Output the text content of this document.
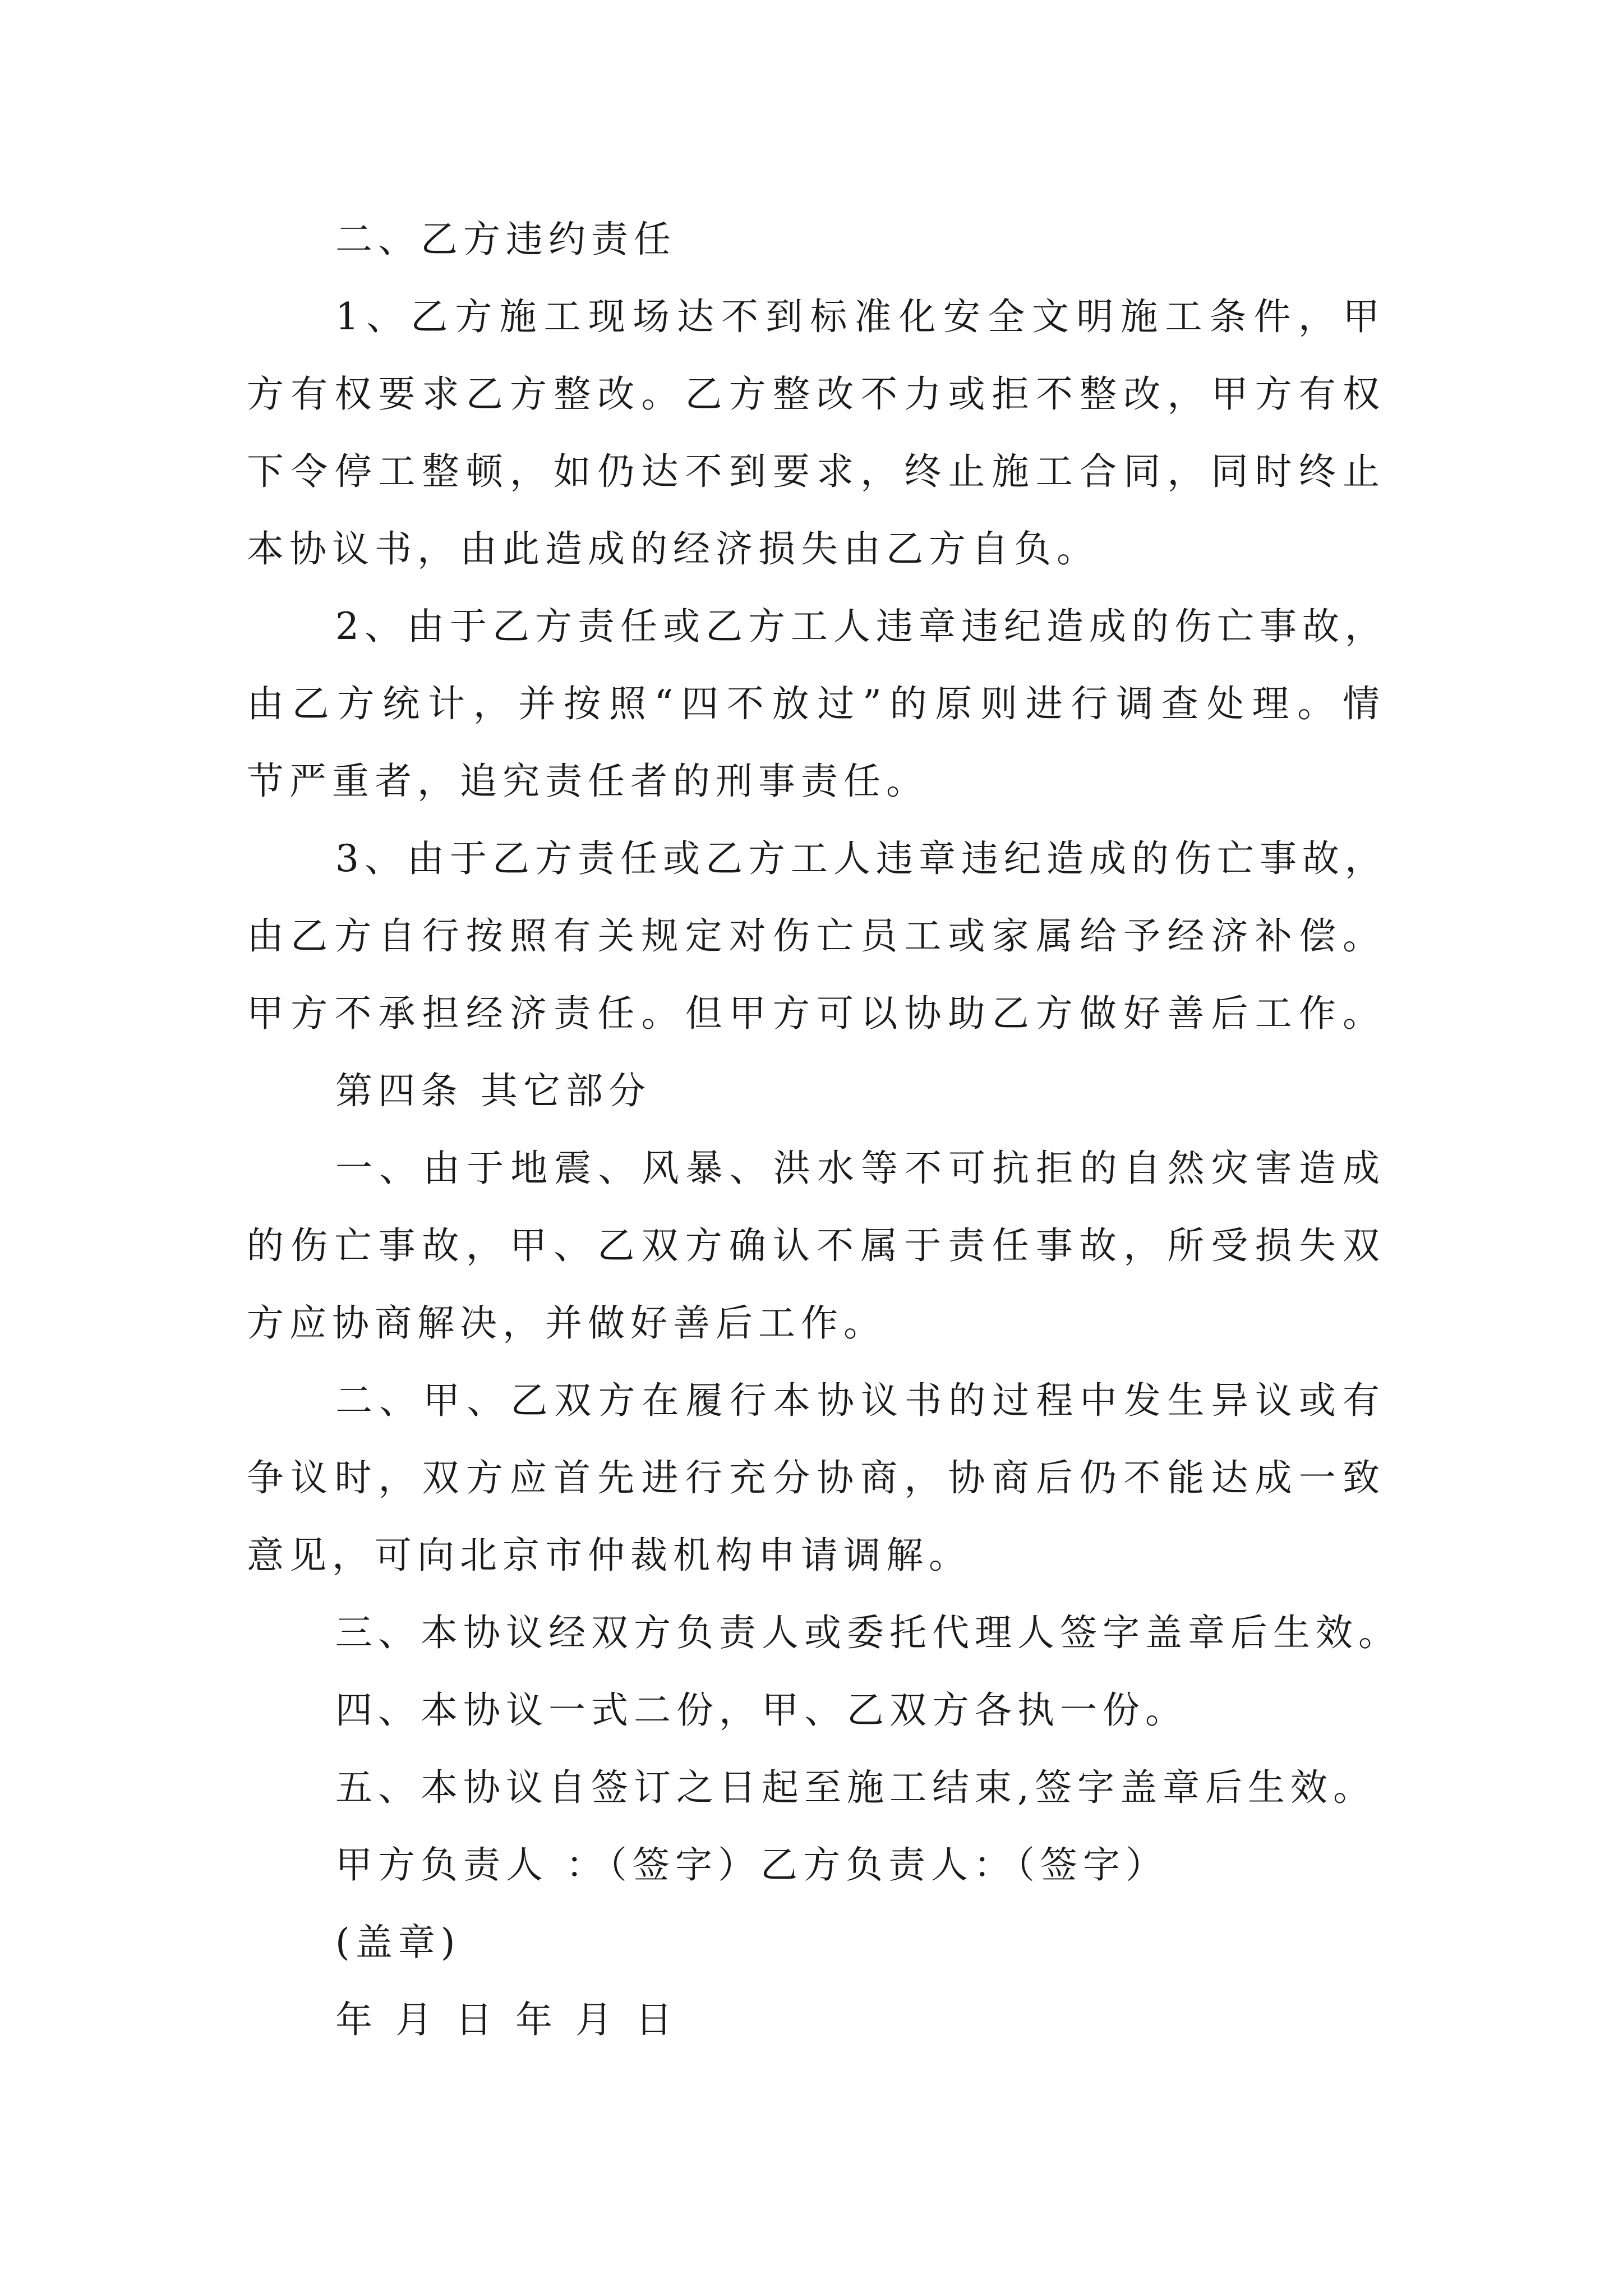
二、乙方违约责任
1、乙方施工现场达不到标准化安全文明施工条件，甲
方有权要求乙方整改。乙方整改不力或拒不整改，甲方有权
下令停工整顿，如仍达不到要求，终止施工合同，同时终止
本协议书，由此造成的经济损失由乙方自负。
2、由于乙方责任或乙方工人违章违纪造成的伤亡事故，
由乙方统计，并按照“四不放过”的原则进行调查处理。情
节严重者，追究责任者的刑事责任。
3、由于乙方责任或乙方工人违章违纪造成的伤亡事故，
由乙方自行按照有关规定对伤亡员工或家属给予经济补偿。
甲方不承担经济责任。但甲方可以协助乙方做好善后工作。
第四条 其它部分
一、由于地震、风暴、洪水等不可抗拒的自然灾害造成
的伤亡事故，甲、乙双方确认不属于责任事故，所受损失双
方应协商解决，并做好善后工作。
二、甲、乙双方在履行本协议书的过程中发生异议或有
争议时，双方应首先进行充分协商，协商后仍不能达成一致
意见，可向北京市仲裁机构申请调解。
三、本协议经双方负责人或委托代理人签字盖章后生效。
四、本协议一式二份，甲、乙双方各执一份。
五、本协议自签订之日起至施工结束,签字盖章后生效。
甲方负责人 ：（签字）乙方负责人：（签字）
(盖章)
年 月 日 年 月 日
